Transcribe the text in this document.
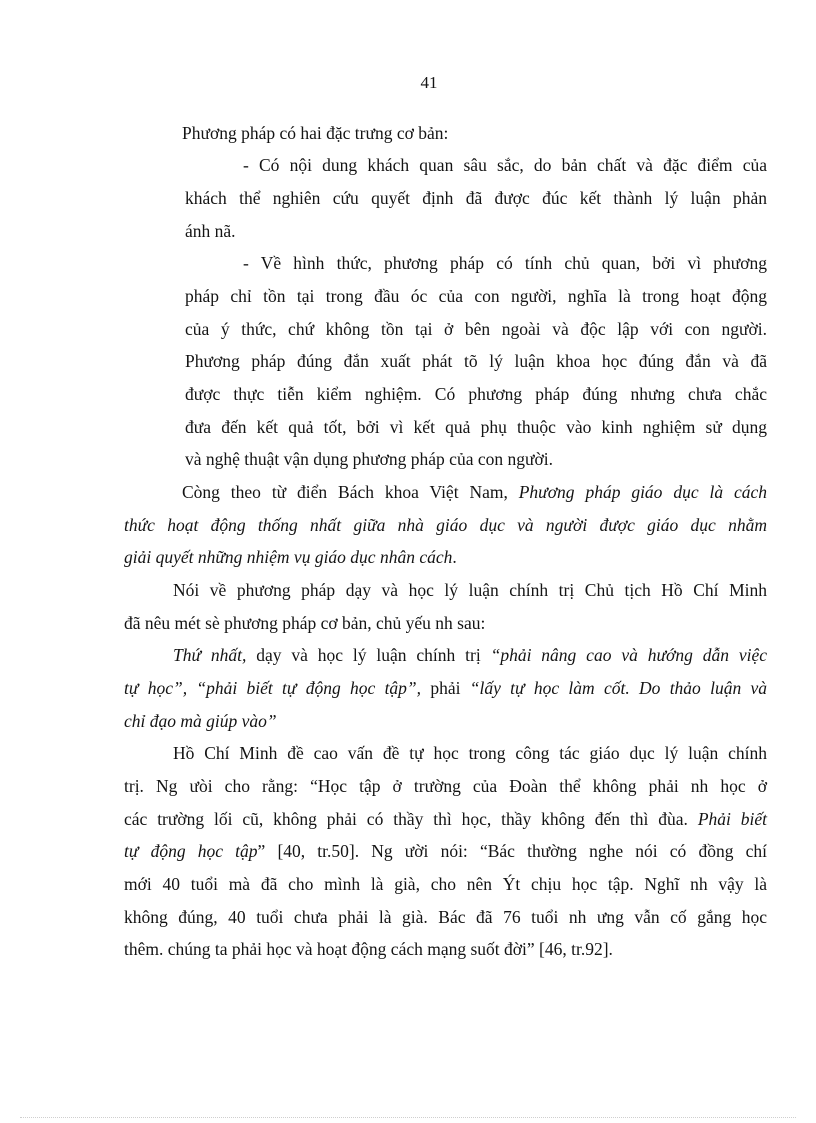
41
Phương pháp có hai đặc trưng cơ bản:
- Có nội dung khách quan sâu sắc, do bản chất và đặc điểm của
khách thể nghiên cứu quyết định đã được đúc kết thành lý luận phản
ánh nã.
- Về hình thức, phương pháp có tính chủ quan, bởi vì phương
pháp chỉ tồn tại trong đầu óc của con người, nghĩa là trong hoạt động
của ý thức, chứ không tồn tại ở bên ngoài và độc lập với con người.
Phương pháp đúng đắn xuất phát tõ lý luận khoa học đúng đắn và đã
được thực tiễn kiểm nghiệm. Có phương pháp đúng nhưng chưa chắc
đưa đến kết quả tốt, bởi vì kết quả phụ thuộc vào kinh nghiệm sử dụng
và nghệ thuật vận dụng phương pháp của con người.
Còng theo từ điển Bách khoa Việt Nam, Phương pháp giáo dục là cách
thức hoạt động thống nhất giữa nhà giáo dục và người được giáo dục nhằm
giải quyết những nhiệm vụ giáo dục nhân cách.
Nói về phương pháp dạy và học lý luận chính trị Chủ tịch Hồ Chí Minh
đã nêu mét sè phương pháp cơ bản, chủ yếu nh sau:
Thứ nhất, dạy và học lý luận chính trị “phải nâng cao và hướng dẫn việc
tự học”, “phải biết tự động học tập”, phải “lấy tự học làm cốt. Do thảo luận và
chỉ đạo mà giúp vào”
Hồ Chí Minh đề cao vấn đề tự học trong công tác giáo dục lý luận chính
trị. Ng ưòi cho rằng: “Học tập ở trường của Đoàn thể không phải nh học ở
các trường lối cũ, không phải có thầy thì học, thầy không đến thì đùa. Phải biết
tự động học tập” [40, tr.50]. Ng ười nói: “Bác thường nghe nói có đồng chí
mới 40 tuổi mà đã cho mình là già, cho nên Ýt chịu học tập. Nghĩ nh vậy là
không đúng, 40 tuổi chưa phải là già. Bác đã 76 tuổi nh ưng vẫn cố gắng học
thêm. chúng ta phải học và hoạt động cách mạng suốt đời” [46, tr.92].
